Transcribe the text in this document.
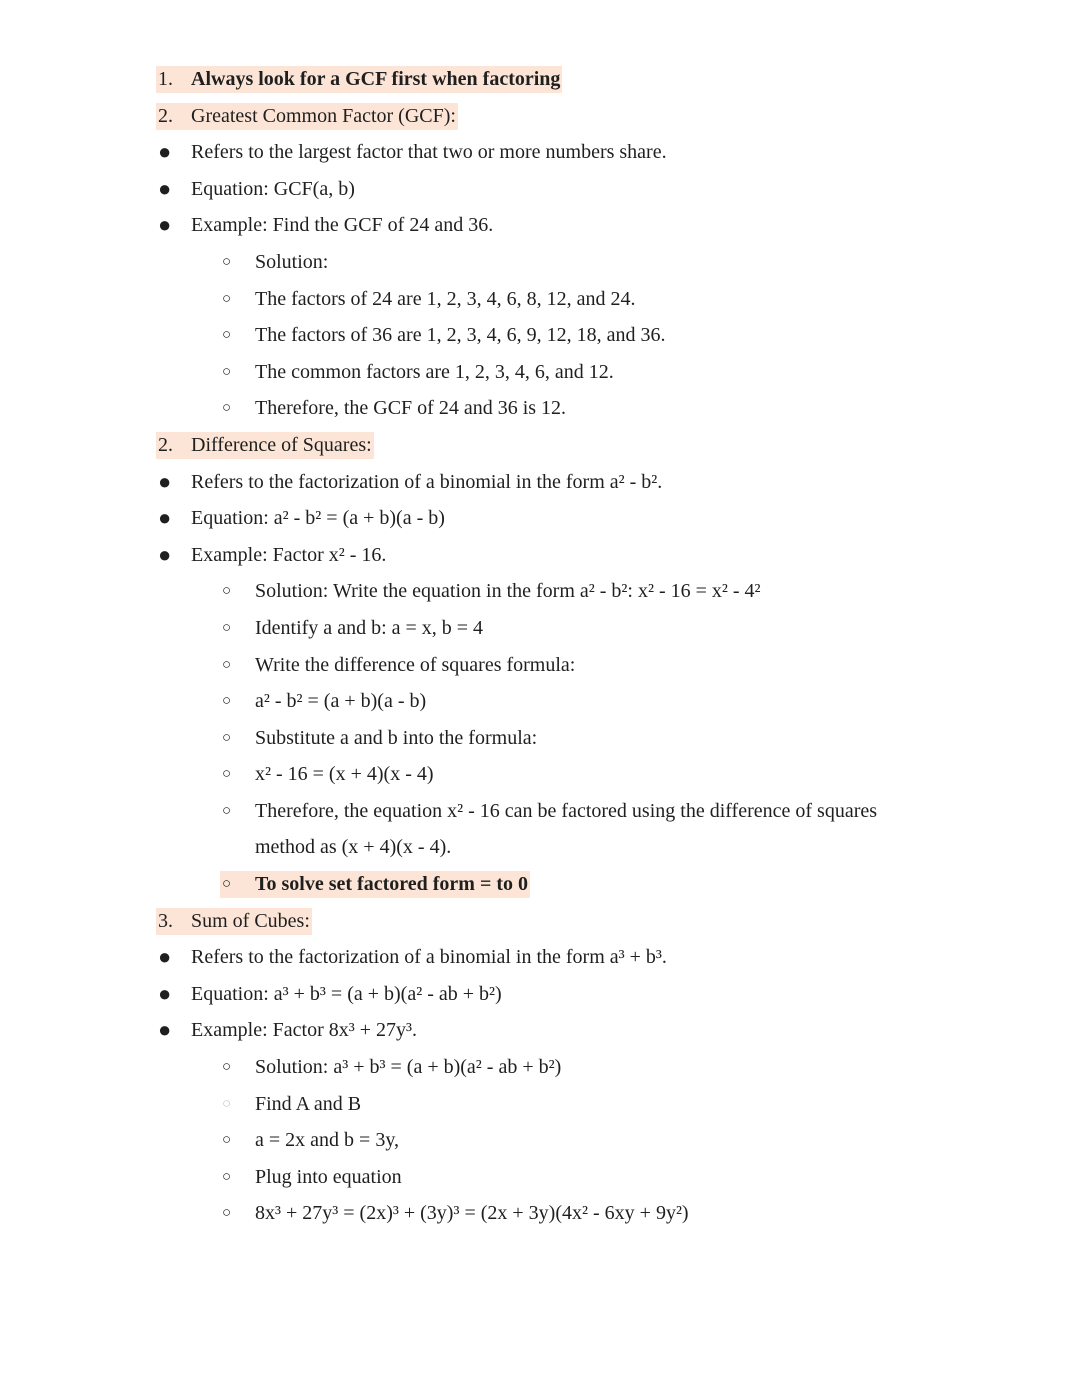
1. Always look for a GCF first when factoring
2. Greatest Common Factor (GCF):
● Refers to the largest factor that two or more numbers share.
● Equation: GCF(a, b)
● Example: Find the GCF of 24 and 36.
○ Solution:
○ The factors of 24 are 1, 2, 3, 4, 6, 8, 12, and 24.
○ The factors of 36 are 1, 2, 3, 4, 6, 9, 12, 18, and 36.
○ The common factors are 1, 2, 3, 4, 6, and 12.
○ Therefore, the GCF of 24 and 36 is 12.
2. Difference of Squares:
● Refers to the factorization of a binomial in the form a² - b².
● Equation: a² - b² = (a + b)(a - b)
● Example: Factor x² - 16.
○ Solution: Write the equation in the form a² - b²: x² - 16 = x² - 4²
○ Identify a and b: a = x, b = 4
○ Write the difference of squares formula:
○ a² - b² = (a + b)(a - b)
○ Substitute a and b into the formula:
○ x² - 16 = (x + 4)(x - 4)
○ Therefore, the equation x² - 16 can be factored using the difference of squares
method as (x + 4)(x - 4).
○ To solve set factored form = to 0
3. Sum of Cubes:
● Refers to the factorization of a binomial in the form a³ + b³.
● Equation: a³ + b³ = (a + b)(a² - ab + b²)
● Example: Factor 8x³ + 27y³.
○ Solution: a³ + b³ = (a + b)(a² - ab + b²)
○ Find A and B
○ a = 2x and b = 3y,
○ Plug into equation
○ 8x³ + 27y³ = (2x)³ + (3y)³ = (2x + 3y)(4x² - 6xy + 9y²)
